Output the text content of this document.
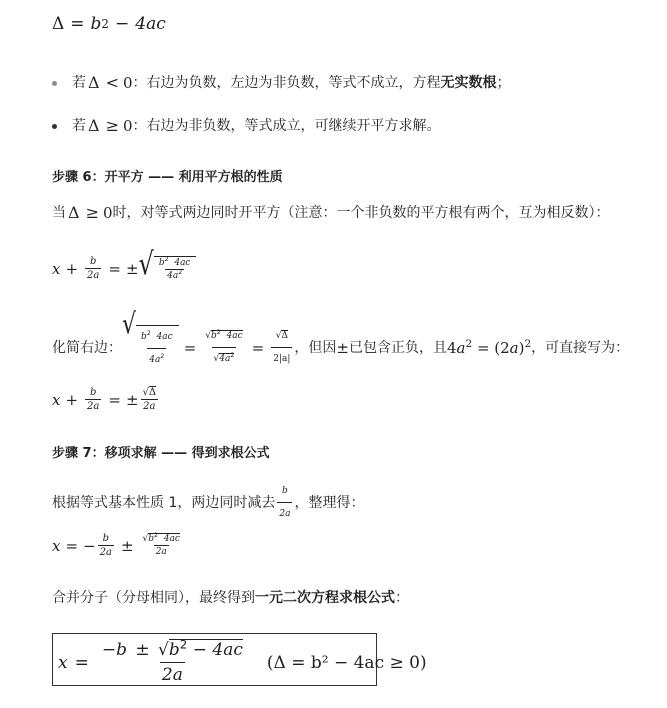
Δ = b 2 − 4ac
若 Δ < 0 ：右边为负数，左边为非负数，等式不成立，方程 无实数根 ；
若 Δ ≥ 0 ：右边为非负数，等式成立，可继续开平方求解。
步骤 6：开平方 —— 利用平方根的性质
当 Δ ≥ 0 时，对等式两边同时开平方（注意：一个非负数的平方根有两个，互为相反数）：
$x + \frac{b}{2a}$ = ± √ $\frac{b^2 4ac}{4a^2}$
化简右边：
√
$\frac{b^2 4ac}{4a^2} = \frac{√b^2 4ac}{√4a^2} = \frac{√\Delta}{2|a|}$ ，但因 ± 已包含正负，且 $4a^2 = (2a)^2$ ，可直接写为：
$x + \frac{b}{2a}$ = ± $\frac{√\Delta}{2a}$
步骤 7：移项求解 —— 得到求根公式
根据等式基本性质 1，两边同时减去 $\frac{b}{2a}$ ，整理得：
x = − $\frac{b}{2a} \pm \frac{√b^2 4ac}{2a}$
合并分子（分母相同），最终得到 一元二次方程求根公式 ：
$x = \frac{-b \pm √b^2 - 4ac}{2a} (\Delta = b^2 - 4ac \ge 0)$
